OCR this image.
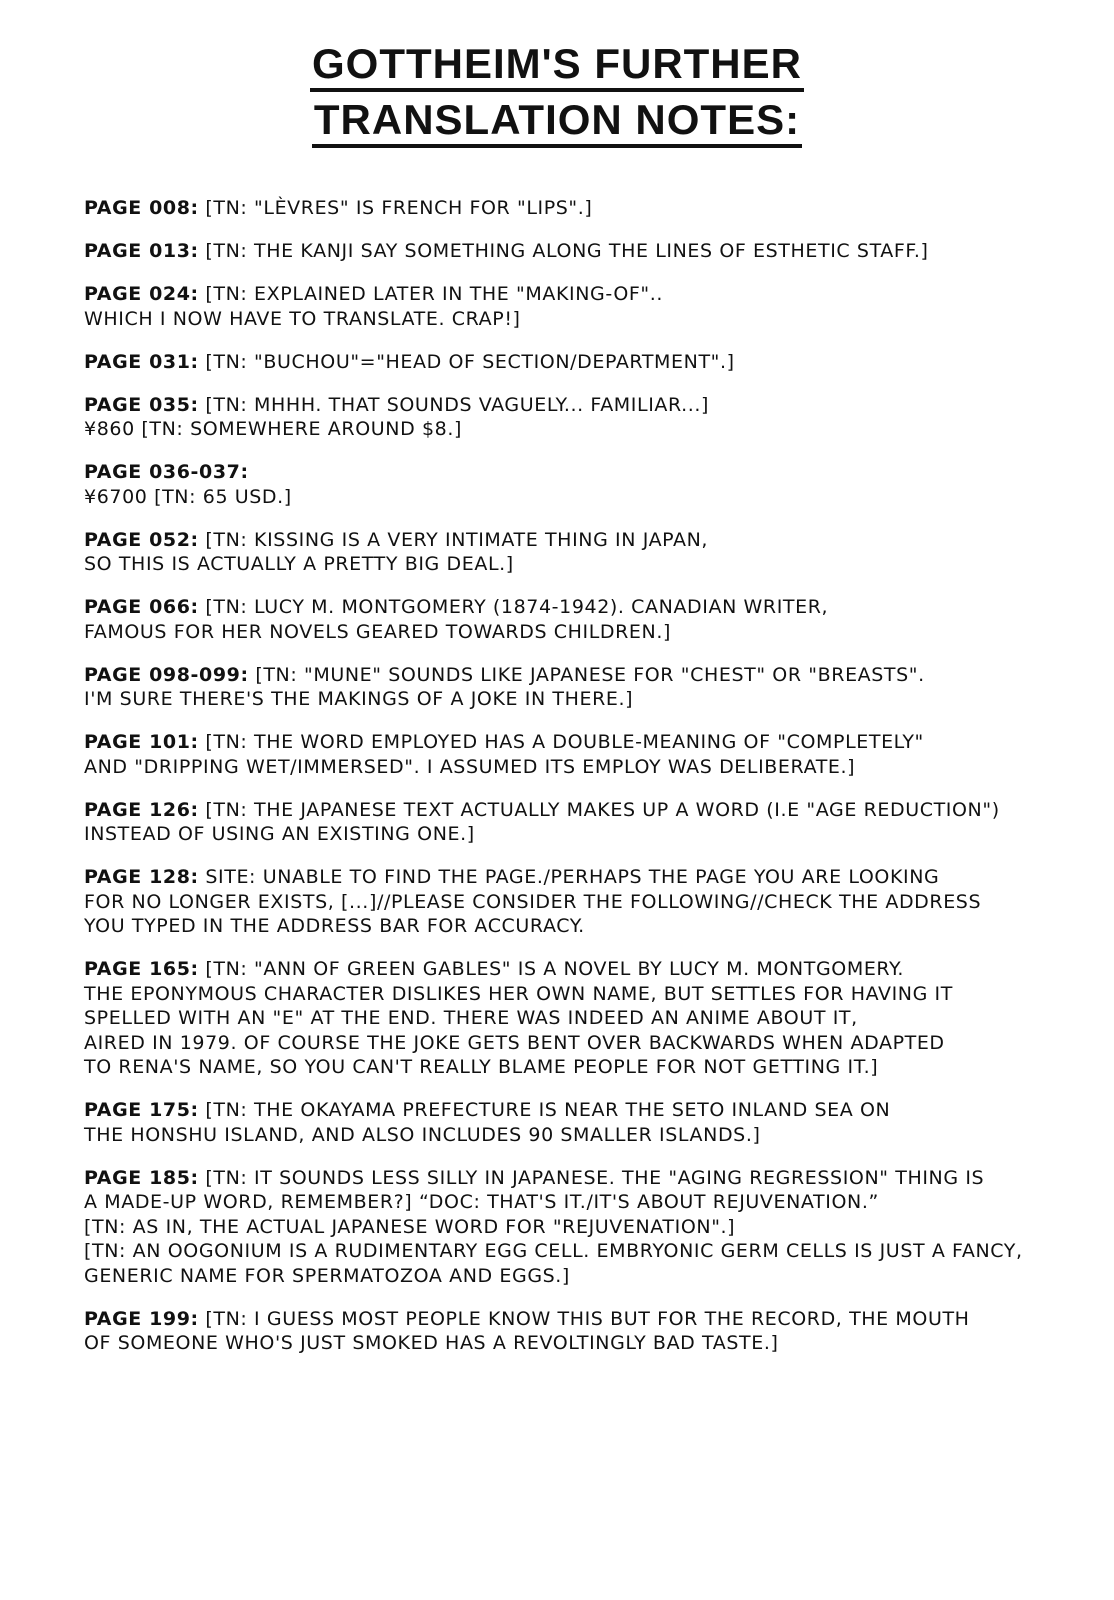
GOTTHEIM'S FURTHER
TRANSLATION NOTES:
PAGE 008: [TN: "LÈVRES" IS FRENCH FOR "LIPS".]
PAGE 013: [TN: THE KANJI SAY SOMETHING ALONG THE LINES OF ESTHETIC STAFF.]
PAGE 024: [TN: EXPLAINED LATER IN THE "MAKING-OF"..
WHICH I NOW HAVE TO TRANSLATE. CRAP!]
PAGE 031: [TN: "BUCHOU"="HEAD OF SECTION/DEPARTMENT".]
PAGE 035: [TN: MHHH. THAT SOUNDS VAGUELY... FAMILIAR...]
¥860 [TN: SOMEWHERE AROUND $8.]
PAGE 036-037:
¥6700 [TN: 65 USD.]
PAGE 052: [TN: KISSING IS A VERY INTIMATE THING IN JAPAN,
SO THIS IS ACTUALLY A PRETTY BIG DEAL.]
PAGE 066: [TN: LUCY M. MONTGOMERY (1874-1942). CANADIAN WRITER,
FAMOUS FOR HER NOVELS GEARED TOWARDS CHILDREN.]
PAGE 098-099: [TN: "MUNE" SOUNDS LIKE JAPANESE FOR "CHEST" OR "BREASTS".
I'M SURE THERE'S THE MAKINGS OF A JOKE IN THERE.]
PAGE 101: [TN: THE WORD EMPLOYED HAS A DOUBLE-MEANING OF "COMPLETELY"
AND "DRIPPING WET/IMMERSED". I ASSUMED ITS EMPLOY WAS DELIBERATE.]
PAGE 126: [TN: THE JAPANESE TEXT ACTUALLY MAKES UP A WORD (I.E "AGE REDUCTION")
INSTEAD OF USING AN EXISTING ONE.]
PAGE 128: SITE: UNABLE TO FIND THE PAGE./PERHAPS THE PAGE YOU ARE LOOKING
FOR NO LONGER EXISTS, [...]//PLEASE CONSIDER THE FOLLOWING//CHECK THE ADDRESS
YOU TYPED IN THE ADDRESS BAR FOR ACCURACY.
PAGE 165: [TN: "ANN OF GREEN GABLES" IS A NOVEL BY LUCY M. MONTGOMERY.
THE EPONYMOUS CHARACTER DISLIKES HER OWN NAME, BUT SETTLES FOR HAVING IT
SPELLED WITH AN "E" AT THE END. THERE WAS INDEED AN ANIME ABOUT IT,
AIRED IN 1979. OF COURSE THE JOKE GETS BENT OVER BACKWARDS WHEN ADAPTED
TO RENA'S NAME, SO YOU CAN'T REALLY BLAME PEOPLE FOR NOT GETTING IT.]
PAGE 175: [TN: THE OKAYAMA PREFECTURE IS NEAR THE SETO INLAND SEA ON
THE HONSHU ISLAND, AND ALSO INCLUDES 90 SMALLER ISLANDS.]
PAGE 185: [TN: IT SOUNDS LESS SILLY IN JAPANESE. THE "AGING REGRESSION" THING IS
A MADE-UP WORD, REMEMBER?] “DOC: THAT'S IT./IT'S ABOUT REJUVENATION.”
[TN: AS IN, THE ACTUAL JAPANESE WORD FOR "REJUVENATION".]
[TN: AN OOGONIUM IS A RUDIMENTARY EGG CELL. EMBRYONIC GERM CELLS IS JUST A FANCY,
GENERIC NAME FOR SPERMATOZOA AND EGGS.]
PAGE 199: [TN: I GUESS MOST PEOPLE KNOW THIS BUT FOR THE RECORD, THE MOUTH
OF SOMEONE WHO'S JUST SMOKED HAS A REVOLTINGLY BAD TASTE.]
